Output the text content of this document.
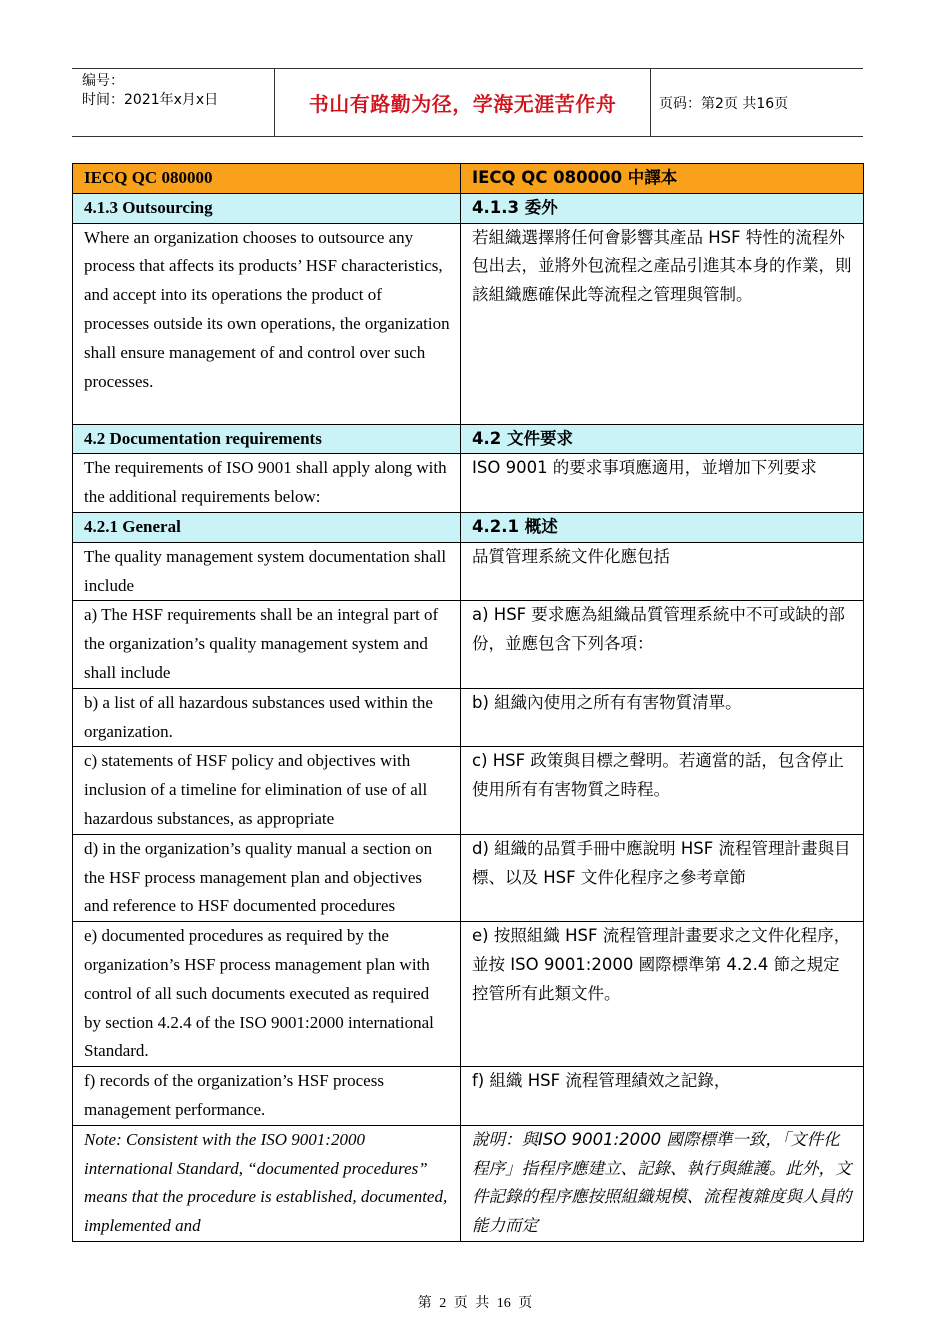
编号：
时间：2021年x月x日	书山有路勤为径，学海无涯苦作舟	页码：第2页 共16页
IECQ QC 080000	IECQ QC 080000 中譯本
4.1.3 Outsourcing	4.1.3 委外
Where an organization chooses to outsource any process that affects its products’ HSF characteristics, and accept into its operations the product of processes outside its own operations, the organization shall ensure management of and control over such processes.	若組織選擇將任何會影響其產品 HSF 特性的流程外包出去，並將外包流程之產品引進其本身的作業，則該組織應確保此等流程之管理與管制。
4.2 Documentation requirements	4.2 文件要求
The requirements of ISO 9001 shall apply along with the additional requirements below:	ISO 9001 的要求事項應適用，並增加下列要求
4.2.1 General	4.2.1 概述
The quality management system documentation shall include	品質管理系統文件化應包括
a) The HSF requirements shall be an integral part of the organization’s quality management system and shall include	a) HSF 要求應為組織品質管理系統中不可或缺的部份，並應包含下列各項：
b) a list of all hazardous substances used within the organization.	b) 組織內使用之所有有害物質清單。
c) statements of HSF policy and objectives with inclusion of a timeline for elimination of use of all hazardous substances, as appropriate	c) HSF 政策與目標之聲明。若適當的話，包含停止使用所有有害物質之時程。
d) in the organization’s quality manual a section on the HSF process management plan and objectives and reference to HSF documented procedures	d) 組織的品質手冊中應說明 HSF 流程管理計畫與目標、以及 HSF 文件化程序之參考章節
e) documented procedures as required by the organization’s HSF process management plan with control of all such documents executed as required by section 4.2.4 of the ISO 9001:2000 international Standard.	e) 按照組織 HSF 流程管理計畫要求之文件化程序，並按 ISO 9001:2000 國際標準第 4.2.4 節之規定控管所有此類文件。
f) records of the organization’s HSF process management performance.	f) 組織 HSF 流程管理績效之記錄，
Note: Consistent with the ISO 9001:2000 international Standard, “documented procedures” means that the procedure is established, documented, implemented and	說明：與ISO 9001:2000 國際標準一致，「文件化程序」指程序應建立、記錄、執行與維護。此外，文件記錄的程序應按照組織規模、流程複雜度與人員的能力而定
第 2 页 共 16 页
